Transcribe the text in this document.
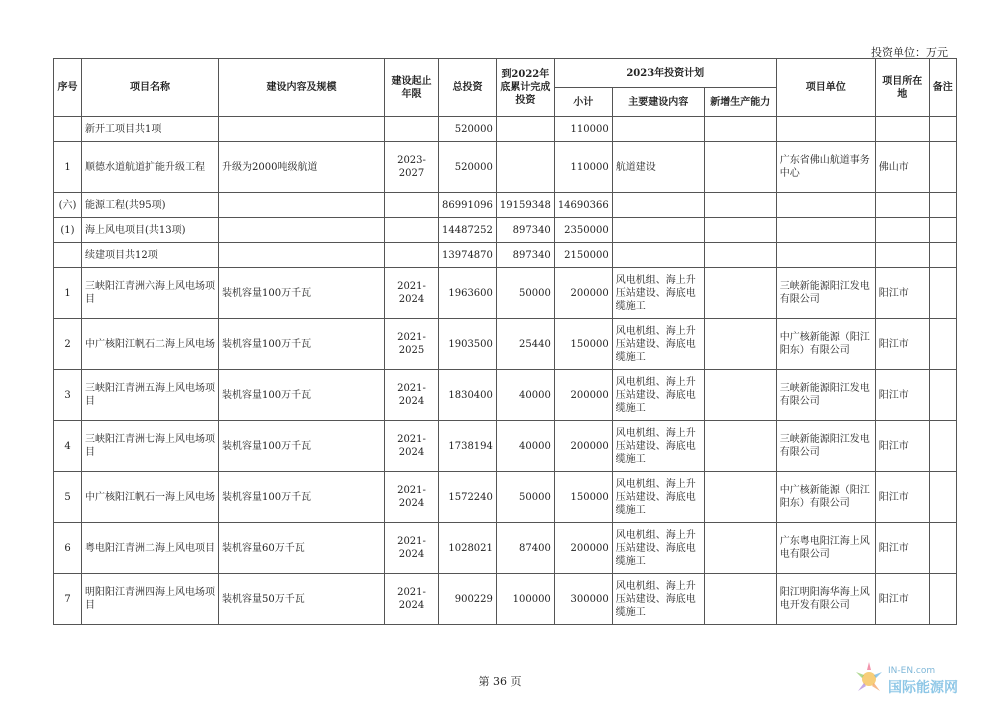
投资单位：万元
序号	项目名称	建设内容及规模	建设起止年限	总投资	到2022年底累计完成投资	2023年投资计划			项目单位	项目所在地	备注
						小计	主要建设内容	新增生产能力			
	新开工项目共1项			520000		110000					
1	顺德水道航道扩能升级工程	升级为2000吨级航道	2023-2027	520000		110000	航道建设		广东省佛山航道事务中心	佛山市	
(六)	能源工程(共95项)			86991096	19159348	14690366					
(1)	海上风电项目(共13项)			14487252	897340	2350000					
	续建项目共12项			13974870	897340	2150000					
1	三峡阳江青洲六海上风电场项目	装机容量100万千瓦	2021-2024	1963600	50000	200000	风电机组、海上升压站建设、海底电缆施工		三峡新能源阳江发电有限公司	阳江市	
2	中广核阳江帆石二海上风电场	装机容量100万千瓦	2021-2025	1903500	25440	150000	风电机组、海上升压站建设、海底电缆施工		中广核新能源（阳江阳东）有限公司	阳江市	
3	三峡阳江青洲五海上风电场项目	装机容量100万千瓦	2021-2024	1830400	40000	200000	风电机组、海上升压站建设、海底电缆施工		三峡新能源阳江发电有限公司	阳江市	
4	三峡阳江青洲七海上风电场项目	装机容量100万千瓦	2021-2024	1738194	40000	200000	风电机组、海上升压站建设、海底电缆施工		三峡新能源阳江发电有限公司	阳江市	
5	中广核阳江帆石一海上风电场	装机容量100万千瓦	2021-2024	1572240	50000	150000	风电机组、海上升压站建设、海底电缆施工		中广核新能源（阳江阳东）有限公司	阳江市	
6	粤电阳江青洲二海上风电项目	装机容量60万千瓦	2021-2024	1028021	87400	200000	风电机组、海上升压站建设、海底电缆施工		广东粤电阳江海上风电有限公司	阳江市	
7	明阳阳江青洲四海上风电场项目	装机容量50万千瓦	2021-2024	900229	100000	300000	风电机组、海上升压站建设、海底电缆施工		阳江明阳海华海上风电开发有限公司	阳江市	
第 36 页
IN-EN.com
国际能源网
